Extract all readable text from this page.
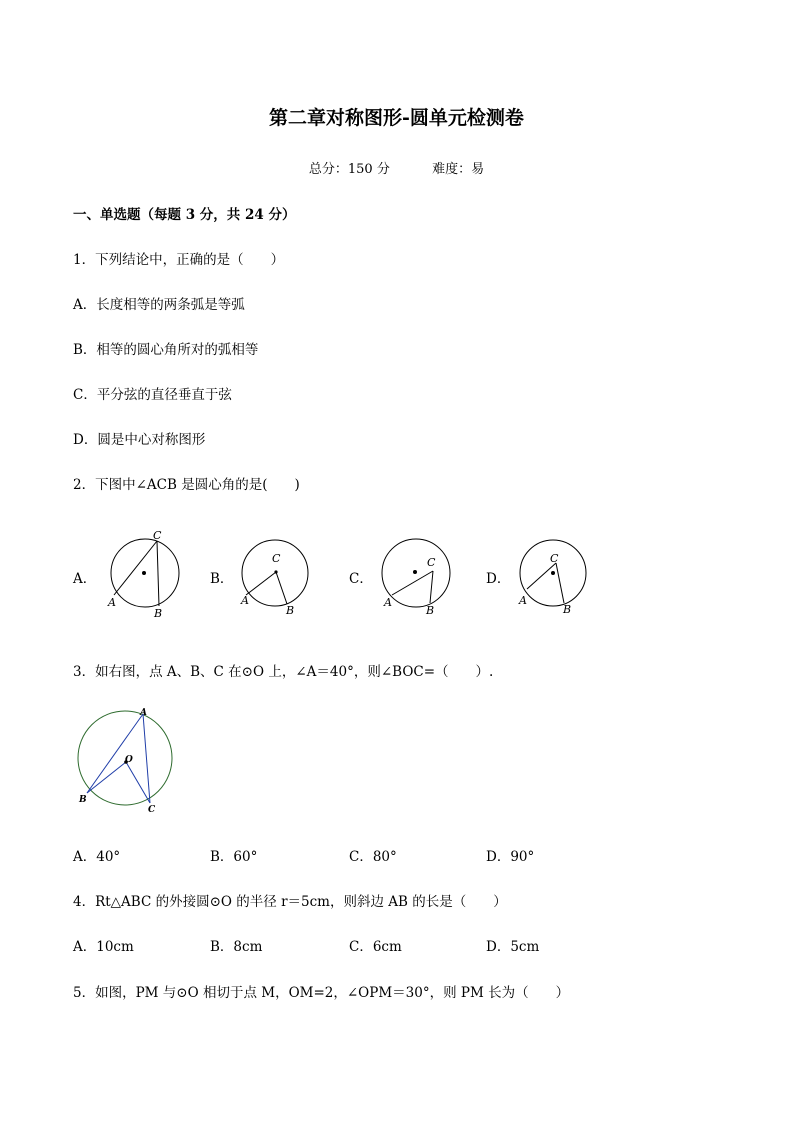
第二章对称图形-圆单元检测卷
总分：150 分	难度：易
一、单选题（每题 3 分，共 24 分）
1．下列结论中，正确的是（　　）
A．长度相等的两条弧是等弧
B．相等的圆心角所对的弧相等
C．平分弦的直径垂直于弦
D．圆是中心对称图形
2．下图中∠ACB 是圆心角的是(　　)
A．	B．	C．	D．
C
A
B
C
A
B
C
A
B
C
A
B
3．如右图，点 A、B、C 在⊙O 上，∠A＝40°，则∠BOC=（　　）.
A
O
B
C
A．40°	B．60°	C．80°	D．90°
4．Rt△ABC 的外接圆⊙O 的半径 r＝5cm，则斜边 AB 的长是（　　）
A．10cm	B．8cm	C．6cm	D．5cm
5．如图，PM 与⊙O 相切于点 M，OM=2，∠OPM＝30°，则 PM 长为（　　）
